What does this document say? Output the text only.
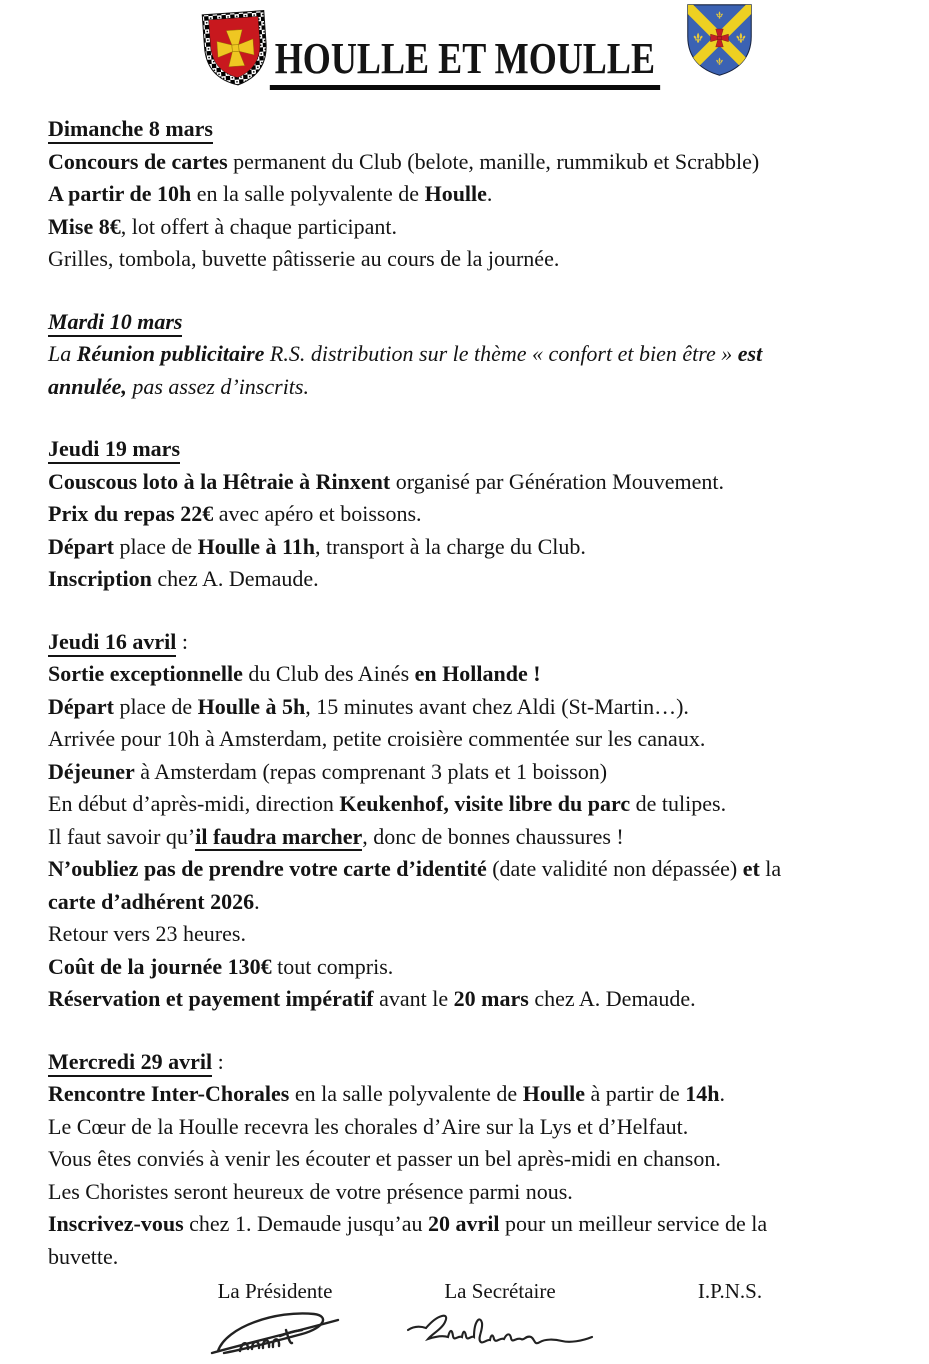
HOULLE ET MOULLE
Dimanche 8 mars

Concours de cartes permanent du Club (belote, manille, rummikub et Scrabble)

A partir de 10h en la salle polyvalente de Houlle.

Mise 8€, lot offert à chaque participant.

Grilles, tombola, buvette pâtisserie au cours de la journée.

Mardi 10 mars

La Réunion publicitaire R.S. distribution sur le thème « confort et bien être » est
annulée, pas assez d’inscrits.

Jeudi 19 mars

Couscous loto à la Hêtraie à Rinxent organisé par Génération Mouvement.

Prix du repas 22€ avec apéro et boissons.

Départ place de Houlle à 11h, transport à la charge du Club.

Inscription chez A. Demaude.

Jeudi 16 avril :

Sortie exceptionnelle du Club des Ainés en Hollande !

Départ place de Houlle à 5h, 15 minutes avant chez Aldi (St-Martin…).

Arrivée pour 10h à Amsterdam, petite croisière commentée sur les canaux.

Déjeuner à Amsterdam (repas comprenant 3 plats et 1 boisson)

En début d’après-midi, direction Keukenhof, visite libre du parc de tulipes.

Il faut savoir qu’il faudra marcher, donc de bonnes chaussures !

N’oubliez pas de prendre votre carte d’identité (date validité non dépassée) et la
carte d’adhérent 2026.

Retour vers 23 heures.

Coût de la journée 130€ tout compris.

Réservation et payement impératif avant le 20 mars chez A. Demaude.

Mercredi 29 avril :

Rencontre Inter-Chorales en la salle polyvalente de Houlle à partir de 14h.

Le Cœur de la Houlle recevra les chorales d’Aire sur la Lys et d’Helfaut.

Vous êtes conviés à venir les écouter et passer un bel après-midi en chanson.

Les Choristes seront heureux de votre présence parmi nous.

Inscrivez-vous chez 1. Demaude jusqu’au 20 avril pour un meilleur service de la
buvette.

La Présidente	La Secrétaire	I.P.N.S.
